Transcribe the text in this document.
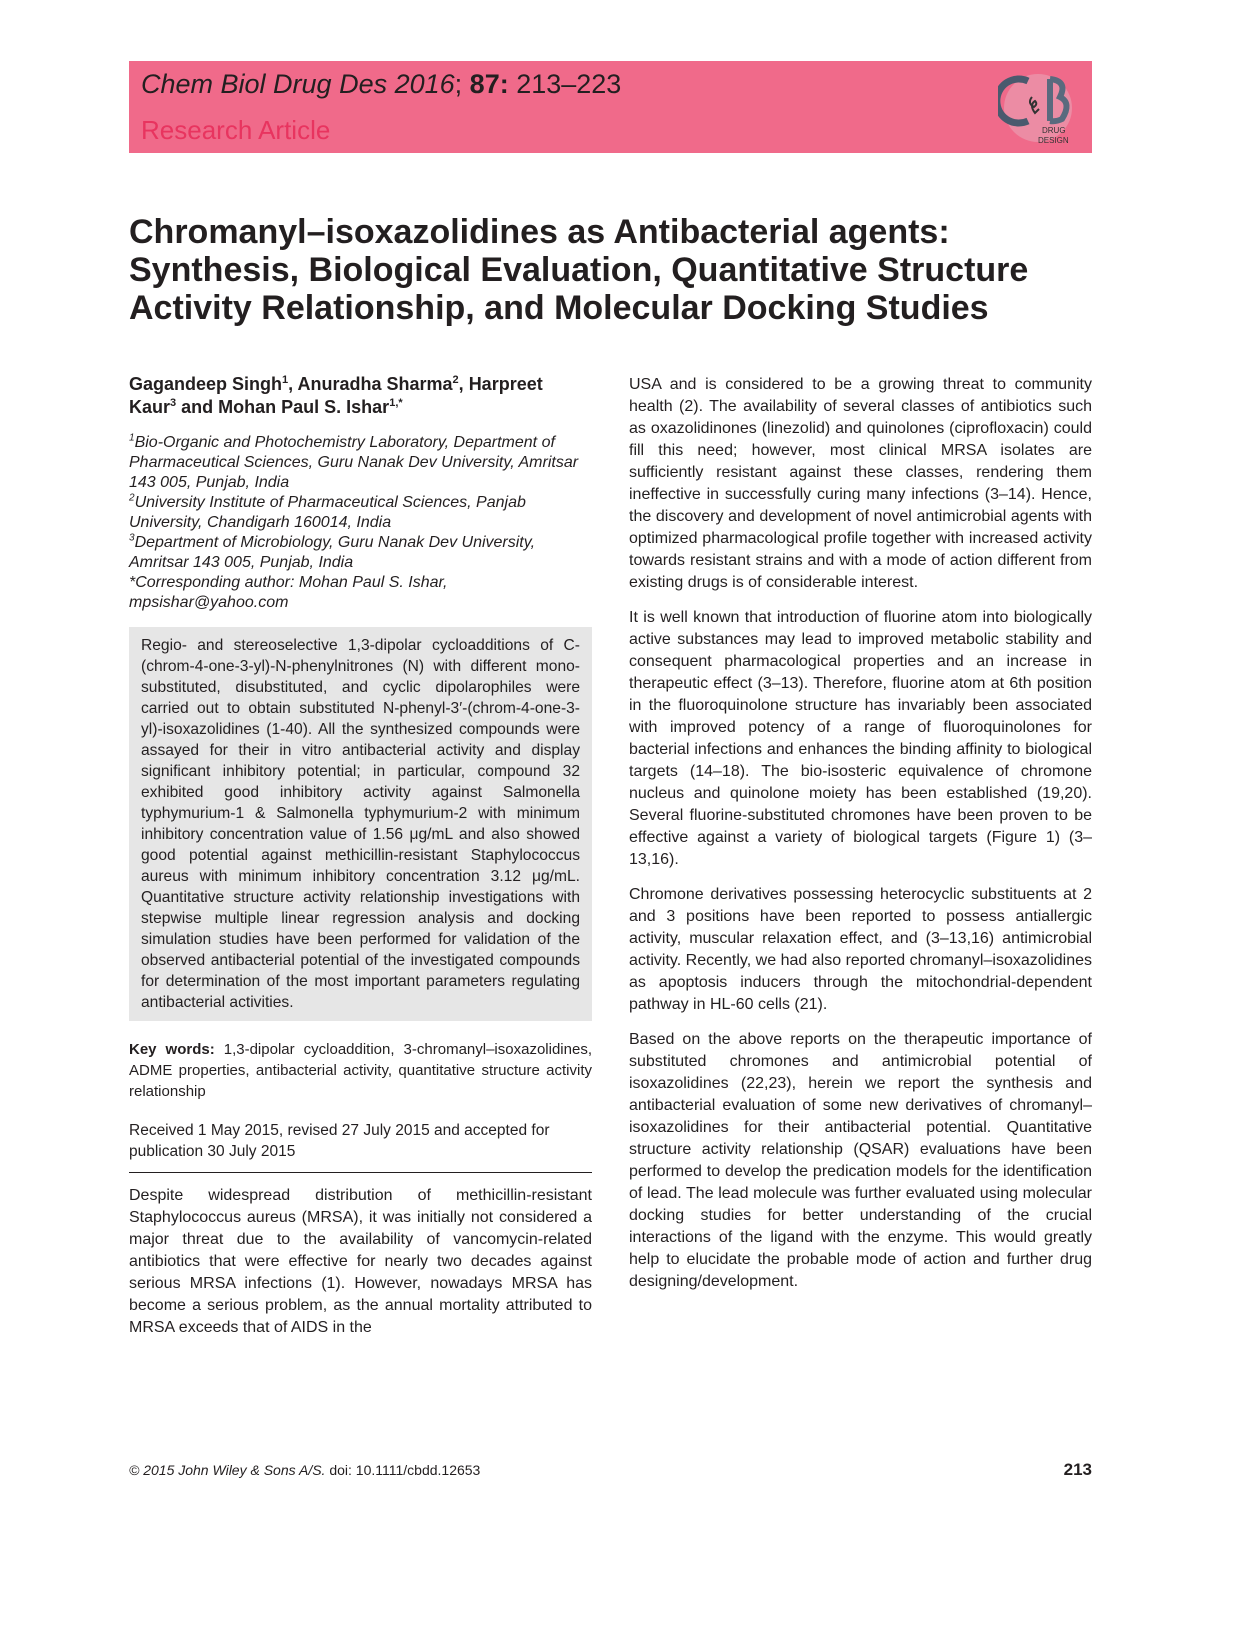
Chem Biol Drug Des 2016; 87: 213–223
Research Article	DRUG
DESIGN
Chromanyl–isoxazolidines as Antibacterial agents: Synthesis, Biological Evaluation, Quantitative Structure Activity Relationship, and Molecular Docking Studies
Gagandeep Singh$^1$, Anuradha Sharma$^2$, Harpreet Kaur$^3$ and Mohan Paul S. Ishar$^{1,*}$
$^1$Bio-Organic and Photochemistry Laboratory, Department of Pharmaceutical Sciences, Guru Nanak Dev University, Amritsar 143 005, Punjab, India
$^2$University Institute of Pharmaceutical Sciences, Panjab University, Chandigarh 160014, India
$^3$Department of Microbiology, Guru Nanak Dev University, Amritsar 143 005, Punjab, India
*Corresponding author: Mohan Paul S. Ishar, mpsishar@yahoo.com
Regio- and stereoselective 1,3-dipolar cycloadditions of C-(chrom-4-one-3-yl)-N-phenylnitrones (N) with different mono-substituted, disubstituted, and cyclic dipolarophiles were carried out to obtain substituted N-phenyl-3′-(chrom-4-one-3-yl)-isoxazolidines (1-40). All the synthesized compounds were assayed for their in vitro antibacterial activity and display significant inhibitory potential; in particular, compound 32 exhibited good inhibitory activity against Salmonella typhymurium-1 & Salmonella typhymurium-2 with minimum inhibitory concentration value of 1.56 μg/mL and also showed good potential against methicillin-resistant Staphylococcus aureus with minimum inhibitory concentration 3.12 μg/mL. Quantitative structure activity relationship investigations with stepwise multiple linear regression analysis and docking simulation studies have been performed for validation of the observed antibacterial potential of the investigated compounds for determination of the most important parameters regulating antibacterial activities.
Key words: 1,3-dipolar cycloaddition, 3-chromanyl–isoxazolidines, ADME properties, antibacterial activity, quantitative structure activity relationship
Received 1 May 2015, revised 27 July 2015 and accepted for publication 30 July 2015
Despite widespread distribution of methicillin-resistant Staphylococcus aureus (MRSA), it was initially not considered a major threat due to the availability of vancomycin-related antibiotics that were effective for nearly two decades against serious MRSA infections (1). However, nowadays MRSA has become a serious problem, as the annual mortality attributed to MRSA exceeds that of AIDS in the

USA and is considered to be a growing threat to community health (2). The availability of several classes of antibiotics such as oxazolidinones (linezolid) and quinolones (ciprofloxacin) could fill this need; however, most clinical MRSA isolates are sufficiently resistant against these classes, rendering them ineffective in successfully curing many infections (3–14). Hence, the discovery and development of novel antimicrobial agents with optimized pharmacological profile together with increased activity towards resistant strains and with a mode of action different from existing drugs is of considerable interest.

It is well known that introduction of fluorine atom into biologically active substances may lead to improved metabolic stability and consequent pharmacological properties and an increase in therapeutic effect (3–13). Therefore, fluorine atom at 6th position in the fluoroquinolone structure has invariably been associated with improved potency of a range of fluoroquinolones for bacterial infections and enhances the binding affinity to biological targets (14–18). The bio-isosteric equivalence of chromone nucleus and quinolone moiety has been established (19,20). Several fluorine-substituted chromones have been proven to be effective against a variety of biological targets (Figure 1) (3–13,16).

Chromone derivatives possessing heterocyclic substituents at 2 and 3 positions have been reported to possess antiallergic activity, muscular relaxation effect, and (3–13,16) antimicrobial activity. Recently, we had also reported chromanyl–isoxazolidines as apoptosis inducers through the mitochondrial-dependent pathway in HL-60 cells (21).

Based on the above reports on the therapeutic importance of substituted chromones and antimicrobial potential of isoxazolidines (22,23), herein we report the synthesis and antibacterial evaluation of some new derivatives of chromanyl–isoxazolidines for their antibacterial potential. Quantitative structure activity relationship (QSAR) evaluations have been performed to develop the predication models for the identification of lead. The lead molecule was further evaluated using molecular docking studies for better understanding of the crucial interactions of the ligand with the enzyme. This would greatly help to elucidate the probable mode of action and further drug designing/development.

© 2015 John Wiley & Sons A/S. doi: 10.1111/cbdd.12653	213
